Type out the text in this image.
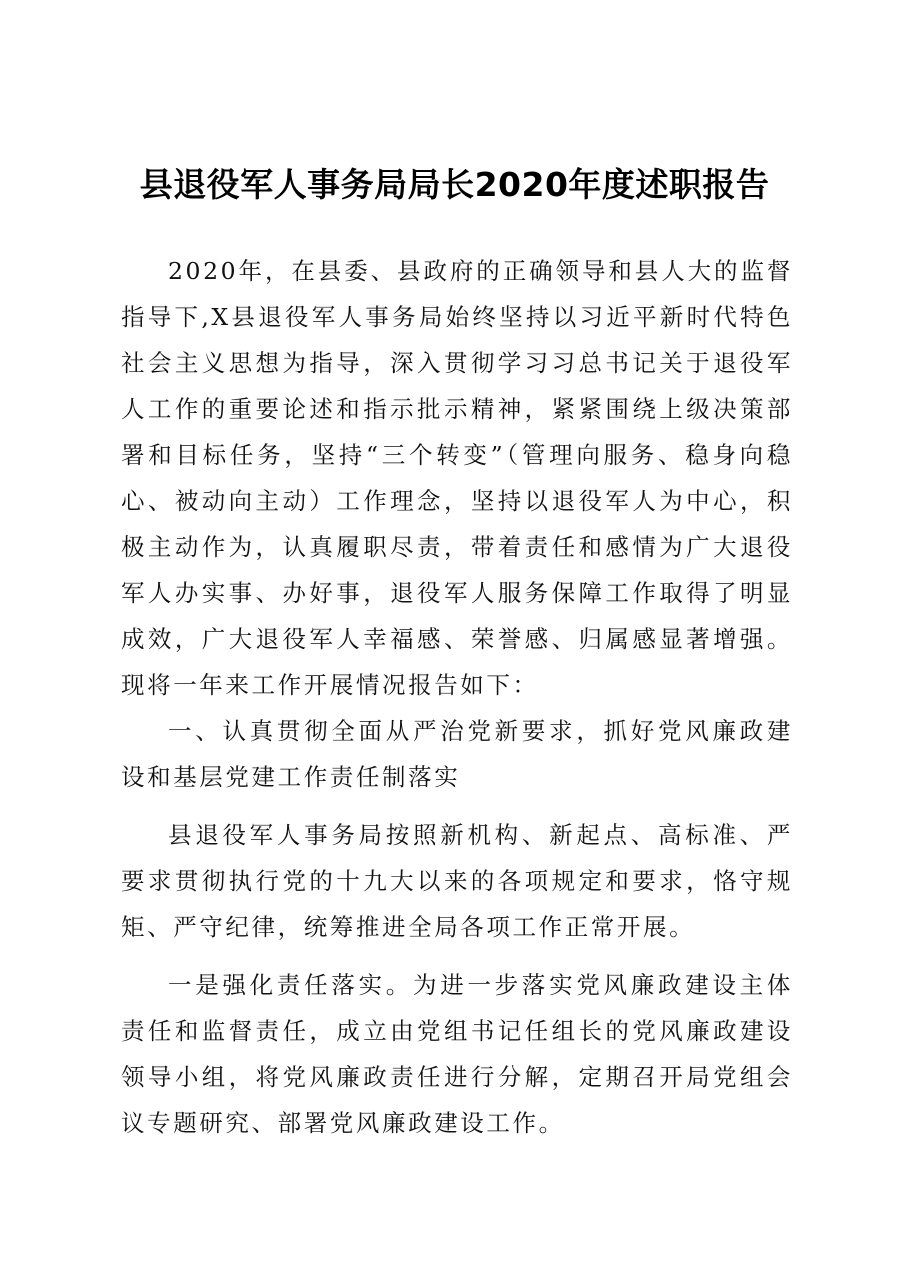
县退役军人事务局局长2020年度述职报告

2020年，在县委、县政府的正确领导和县人大的监督指导下,X县退役军人事务局始终坚持以习近平新时代特色社会主义思想为指导，深入贯彻学习习总书记关于退役军人工作的重要论述和指示批示精神，紧紧围绕上级决策部署和目标任务，坚持“三个转变”（管理向服务、稳身向稳心、被动向主动）工作理念，坚持以退役军人为中心，积极主动作为，认真履职尽责，带着责任和感情为广大退役军人办实事、办好事，退役军人服务保障工作取得了明显成效，广大退役军人幸福感、荣誉感、归属感显著增强。现将一年来工作开展情况报告如下：

一、认真贯彻全面从严治党新要求，抓好党风廉政建设和基层党建工作责任制落实

县退役军人事务局按照新机构、新起点、高标准、严要求贯彻执行党的十九大以来的各项规定和要求，恪守规矩、严守纪律，统筹推进全局各项工作正常开展。

一是强化责任落实。为进一步落实党风廉政建设主体责任和监督责任，成立由党组书记任组长的党风廉政建设领导小组，将党风廉政责任进行分解，定期召开局党组会议专题研究、部署党风廉政建设工作。
